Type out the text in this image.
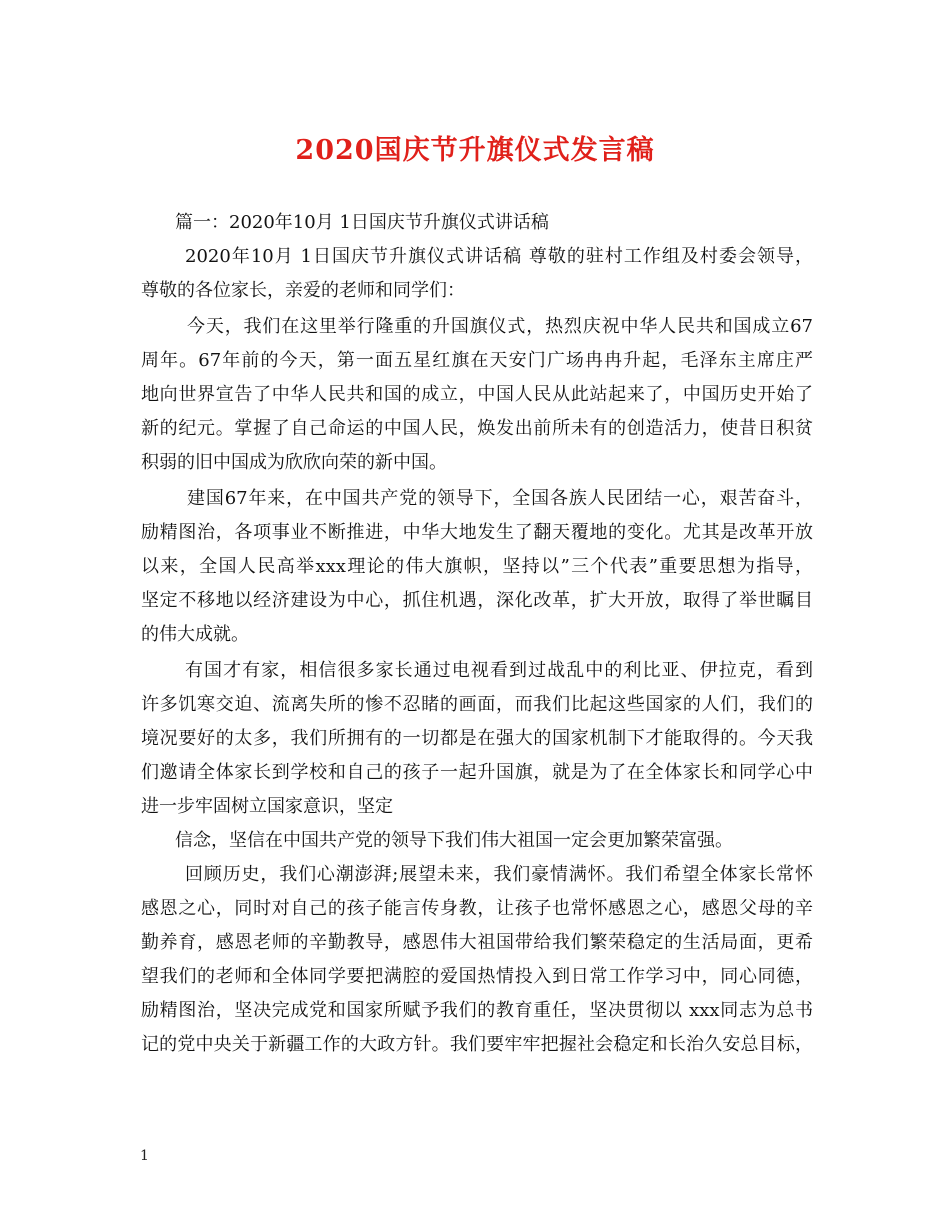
2020国庆节升旗仪式发言稿
篇一：2020年10月 1日国庆节升旗仪式讲话稿
2020年10月 1日国庆节升旗仪式讲话稿 尊敬的驻村工作组及村委会领导，
尊敬的各位家长，亲爱的老师和同学们：
今天，我们在这里举行隆重的升国旗仪式，热烈庆祝中华人民共和国成立67
周年。67年前的今天，第一面五星红旗在天安门广场冉冉升起，毛泽东主席庄严
地向世界宣告了中华人民共和国的成立，中国人民从此站起来了，中国历史开始了
新的纪元。掌握了自己命运的中国人民，焕发出前所未有的创造活力，使昔日积贫
积弱的旧中国成为欣欣向荣的新中国。
建国67年来，在中国共产党的领导下，全国各族人民团结一心，艰苦奋斗，
励精图治，各项事业不断推进，中华大地发生了翻天覆地的变化。尤其是改革开放
以来，全国人民高举xxx理论的伟大旗帜，坚持以”三个代表”重要思想为指导，
坚定不移地以经济建设为中心，抓住机遇，深化改革，扩大开放，取得了举世瞩目
的伟大成就。
有国才有家，相信很多家长通过电视看到过战乱中的利比亚、伊拉克，看到
许多饥寒交迫、流离失所的惨不忍睹的画面，而我们比起这些国家的人们，我们的
境况要好的太多，我们所拥有的一切都是在强大的国家机制下才能取得的。今天我
们邀请全体家长到学校和自己的孩子一起升国旗，就是为了在全体家长和同学心中
进一步牢固树立国家意识，坚定
信念，坚信在中国共产党的领导下我们伟大祖国一定会更加繁荣富强。
回顾历史，我们心潮澎湃;展望未来，我们豪情满怀。我们希望全体家长常怀
感恩之心，同时对自己的孩子能言传身教，让孩子也常怀感恩之心，感恩父母的辛
勤养育，感恩老师的辛勤教导，感恩伟大祖国带给我们繁荣稳定的生活局面，更希
望我们的老师和全体同学要把满腔的爱国热情投入到日常工作学习中，同心同德，
励精图治，坚决完成党和国家所赋予我们的教育重任，坚决贯彻以 xxx同志为总书
记的党中央关于新疆工作的大政方针。我们要牢牢把握社会稳定和长治久安总目标，
1
